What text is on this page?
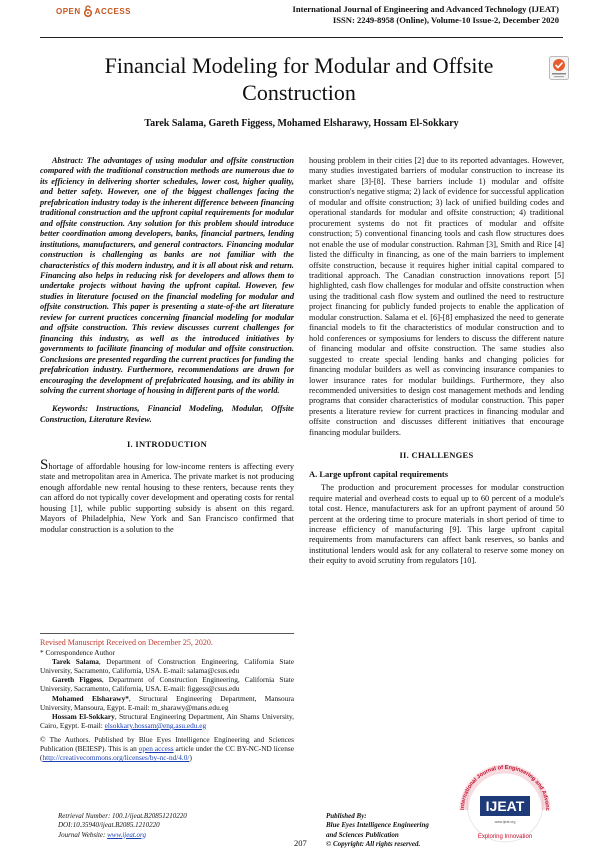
OPEN ACCESS	International Journal of Engineering and Advanced Technology (IJEAT)
ISSN: 2249-8958 (Online), Volume-10 Issue-2, December 2020
Financial Modeling for Modular and Offsite Construction
Tarek Salama, Gareth Figgess, Mohamed Elsharawy, Hossam El-Sokkary

Abstract: The advantages of using modular and offsite construction compared with the traditional construction methods are numerous due to its efficiency in delivering shorter schedules, lower cost, higher quality, and better safety. However, one of the biggest challenges facing the prefabrication industry today is the inherent difference between financing traditional construction and the upfront capital requirements for modular and offsite construction. Any solution for this problem should introduce better coordination among developers, banks, financial partners, lending institutions, manufacturers, and general contractors. Financing modular construction is challenging as banks are not familiar with the characteristics of this modern industry, and it is all about risk and return. Financing also helps in reducing risk for developers and allows them to undertake projects without having the upfront capital. However, few studies in literature focused on the financial modeling for modular and offsite construction. This paper is presenting a state-of-the art literature review for current practices concerning financial modeling for modular and offsite construction. This review discusses current challenges for financing this industry, as well as the introduced initiatives by governments to facilitate financing of modular and offsite construction. Conclusions are presented regarding the current practices for funding the prefabrication industry. Furthermore, recommendations are drawn for encouraging the development of prefabricated housing, and its ability in solving the current shortage of housing in different parts of the world.

Keywords: Instructions, Financial Modeling, Modular, Offsite Construction, Literature Review.

I. INTRODUCTION

Shortage of affordable housing for low-income renters is affecting every state and metropolitan area in America. The private market is not producing enough affordable new rental housing to these renters, because rents they can afford do not typically cover development and operating costs for rental housing [1], while public supporting subsidy is absent on this regard. Mayors of Philadelphia, New York and San Francisco confirmed that modular construction is a solution to the

Revised Manuscript Received on December 25, 2020.
* Correspondence Author
Tarek Salama, Department of Construction Engineering, California State University, Sacramento, California, USA. E-mail: salama@csus.edu
Gareth Figgess, Department of Construction Engineering, California State University, Sacramento, California, USA. E-mail: figgess@csus.edu
Mohamed Elsharawy*, Structural Engineering Department, Mansoura University, Mansoura, Egypt. E-mail: m_sharawy@mans.edu.eg
Hossam El-Sokkary, Structural Engineering Department, Ain Shams University, Cairo, Egypt. E-mail: elsokkary.hossam@eng.asu.edu.eg
© The Authors. Published by Blue Eyes Intelligence Engineering and Sciences Publication (BEIESP). This is an open access article under the CC BY-NC-ND license (http://creativecommons.org/licenses/by-nc-nd/4.0/)

housing problem in their cities [2] due to its reported advantages. However, many studies investigated barriers of modular construction to increase its market share [3]-[8]. These barriers include 1) modular and offsite construction's negative stigma; 2) lack of evidence for successful application of modular and offsite construction; 3) lack of unified building codes and operational standards for modular and offsite construction; 4) traditional procurement systems do not fit practices of modular and offsite construction; 5) conventional financing tools and cash flow structures does not enable the use of modular construction. Rahman [3], Smith and Rice [4] listed the difficulty in financing, as one of the main barriers to implement offsite construction, because it requires higher initial capital compared to traditional approach. The Canadian construction innovations report [5] highlighted, cash flow challenges for modular and offsite construction when using the traditional cash flow system and outlined the need to restructure project financing for publicly funded projects to enable the application of modular construction. Salama et el. [6]-[8] emphasized the need to generate financial models to fit the characteristics of modular construction and to hold conferences or symposiums for lenders to discuss the different nature of financing modular and offsite construction. The same studies also suggested to create special lending banks and changing policies for financing modular builders as well as convincing insurance companies to lower insurance rates for modular buildings. Furthermore, they also recommended universities to design cost management methods and lending programs that consider characteristics of modular construction. This paper presents a literature review for current practices in financing modular and offsite construction and discusses different initiatives that encourage financing modular builders.

II. CHALLENGES
A. Large upfront capital requirements

The production and procurement processes for modular construction require material and overhead costs to equal up to 60 percent of a module's total cost. Hence, manufacturers ask for an upfront payment of around 50 percent at the ordering time to procure materials in short period of time to increase efficiency of manufacturing [9]. This large upfront capital requirements from manufacturers can affect bank reserves, so banks and institutional lenders would ask for any collateral to reserve some money on their equity to avoid scrutiny from regulators [10].

Retrieval Number: 100.1/ijeat.B20851210220
DOI:10.35940/ijeat.B2085.1210220
Journal Website: www.ijeat.org
207
Published By:
Blue Eyes Intelligence Engineering
and Sciences Publication
© Copyright: All rights reserved.
International Journal of Engineering and Advanc
IJEAT
www.ijeat.org
Exploring Innovation
